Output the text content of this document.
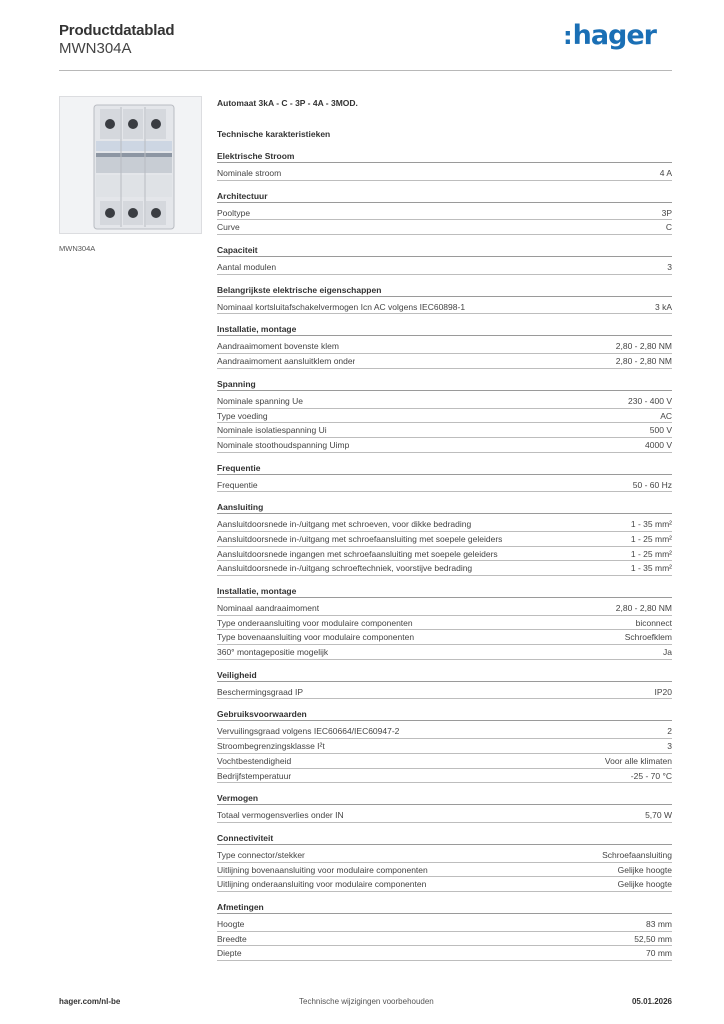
Productdatablad
MWN304A	:hager
MWN304A
Automaat 3kA - C - 3P - 4A - 3MOD.
Technische karakteristieken
Elektrische Stroom
Nominale stroom	4 A
Architectuur
Pooltype	3P
Curve	C
Capaciteit
Aantal modulen	3
Belangrijkste elektrische eigenschappen
Nominaal kortsluitafschakelvermogen Icn AC volgens IEC60898-1	3 kA
Installatie, montage
Aandraaimoment bovenste klem	2,80 - 2,80 NM
Aandraaimoment aansluitklem onder	2,80 - 2,80 NM
Spanning
Nominale spanning Ue	230 - 400 V
Type voeding	AC
Nominale isolatiespanning Ui	500 V
Nominale stoothoudspanning Uimp	4000 V
Frequentie
Frequentie	50 - 60 Hz
Aansluiting
Aansluitdoorsnede in-/uitgang met schroeven, voor dikke bedrading	1 - 35 mm²
Aansluitdoorsnede in-/uitgang met schroefaansluiting met soepele geleiders	1 - 25 mm²
Aansluitdoorsnede ingangen met schroefaansluiting met soepele geleiders	1 - 25 mm²
Aansluitdoorsnede in-/uitgang schroeftechniek, voorstijve bedrading	1 - 35 mm²
Installatie, montage
Nominaal aandraaimoment	2,80 - 2,80 NM
Type onderaansluiting voor modulaire componenten	biconnect
Type bovenaansluiting voor modulaire componenten	Schroefklem
360° montagepositie mogelijk	Ja
Veiligheid
Beschermingsgraad IP	IP20
Gebruiksvoorwaarden
Vervuilingsgraad volgens IEC60664/IEC60947-2	2
Stroombegrenzingsklasse I²t	3
Vochtbestendigheid	Voor alle klimaten
Bedrijfstemperatuur	-25 - 70 °C
Vermogen
Totaal vermogensverlies onder IN	5,70 W
Connectiviteit
Type connector/stekker	Schroefaansluiting
Uitlijning bovenaansluiting voor modulaire componenten	Gelijke hoogte
Uitlijning onderaansluiting voor modulaire componenten	Gelijke hoogte
Afmetingen
Hoogte	83 mm
Breedte	52,50 mm
Diepte	70 mm
hager.com/nl-be	Technische wijzigingen voorbehouden	05.01.2026
